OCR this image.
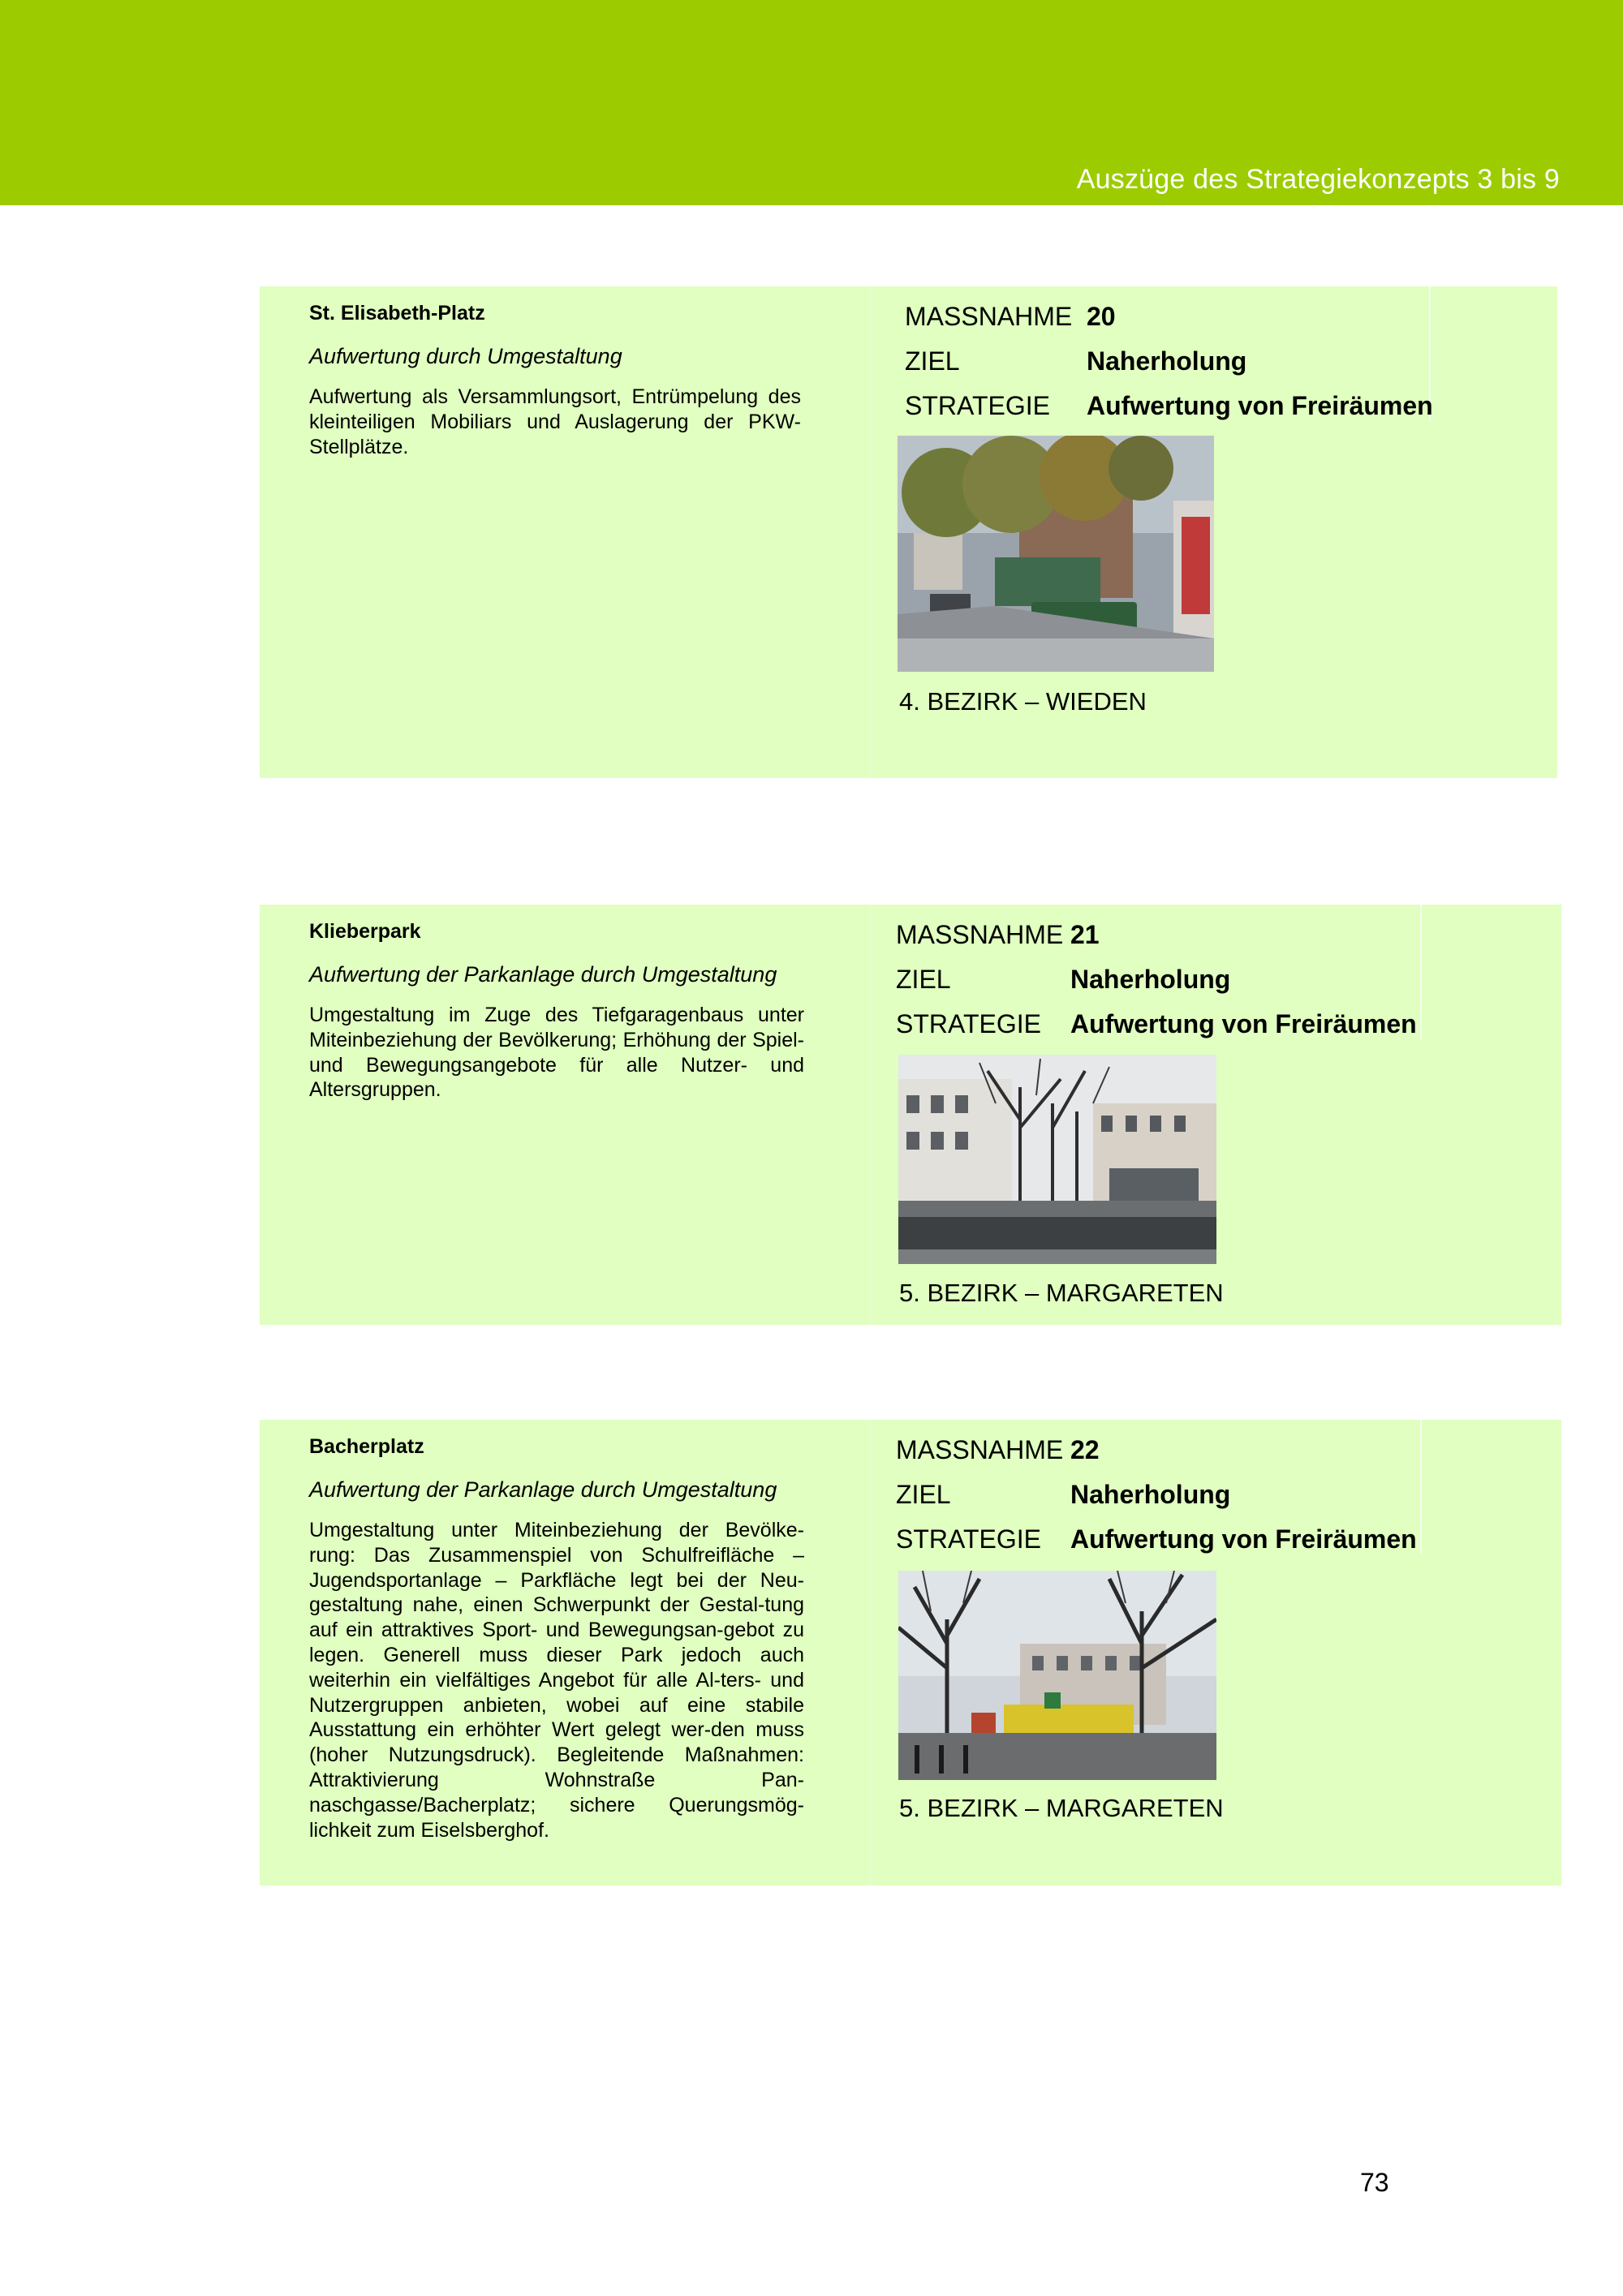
Auszüge des Strategiekonzepts 3 bis 9
St. Elisabeth-Platz
Aufwertung durch Umgestaltung
Aufwertung als Versammlungsort, Entrümpelung des kleinteiligen Mobiliars und Auslagerung der PKW-Stellplätze.
MASSNAHME 20
ZIEL	Naherholung
STRATEGIE Aufwertung von Freiräumen
4. BEZIRK – WIEDEN
Klieberpark
Aufwertung der Parkanlage durch Umgestaltung
Umgestaltung im Zuge des Tiefgaragenbaus unter Miteinbeziehung der Bevölkerung; Erhöhung der Spiel- und Bewegungsangebote für alle Nutzer- und Altersgruppen.
MASSNAHME 21
ZIEL	Naherholung
STRATEGIE Aufwertung von Freiräumen
5. BEZIRK – MARGARETEN
Bacherplatz
Aufwertung der Parkanlage durch Umgestaltung
Umgestaltung unter Miteinbeziehung der Bevölke-rung: Das Zusammenspiel von Schulfreifläche – Jugendsportanlage – Parkfläche legt bei der Neu-gestaltung nahe, einen Schwerpunkt der Gestal-tung auf ein attraktives Sport- und Bewegungsan-gebot zu legen. Generell muss dieser Park jedoch auch weiterhin ein vielfältiges Angebot für alle Al-ters- und Nutzergruppen anbieten, wobei auf eine stabile Ausstattung ein erhöhter Wert gelegt wer-den muss (hoher Nutzungsdruck). Begleitende Maßnahmen: Attraktivierung Wohnstraße Pan-naschgasse/Bacherplatz; sichere Querungsmög-lichkeit zum Eiselsberghof.
MASSNAHME 22
ZIEL	Naherholung
STRATEGIE Aufwertung von Freiräumen
5. BEZIRK – MARGARETEN
73
